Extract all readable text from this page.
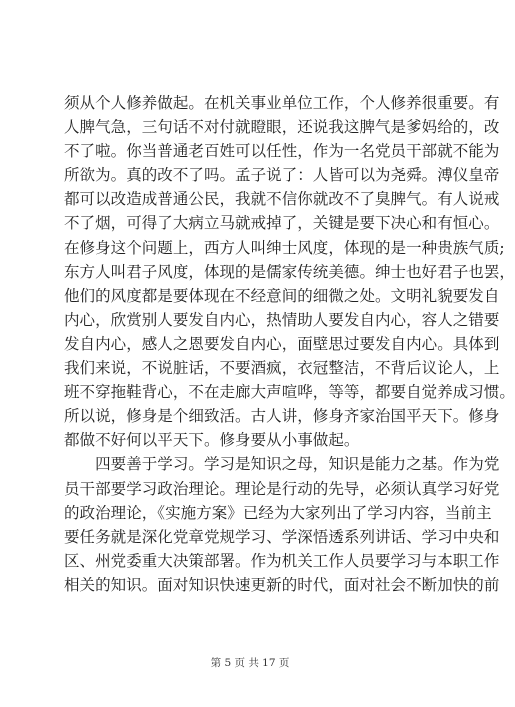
须从个人修养做起。在机关事业单位工作，个人修养很重要。有
人脾气急，三句话不对付就瞪眼，还说我这脾气是爹妈给的，改
不了啦。你当普通老百姓可以任性，作为一名党员干部就不能为
所欲为。真的改不了吗。孟子说了：人皆可以为尧舜。溥仪皇帝
都可以改造成普通公民，我就不信你就改不了臭脾气。有人说戒
不了烟，可得了大病立马就戒掉了，关键是要下决心和有恒心。
在修身这个问题上，西方人叫绅士风度，体现的是一种贵族气质;
东方人叫君子风度，体现的是儒家传统美德。绅士也好君子也罢，
他们的风度都是要体现在不经意间的细微之处。文明礼貌要发自
内心，欣赏别人要发自内心，热情助人要发自内心，容人之错要
发自内心，感人之恩要发自内心，面壁思过要发自内心。具体到
我们来说，不说脏话，不要酒疯，衣冠整洁，不背后议论人，上
班不穿拖鞋背心，不在走廊大声喧哗，等等，都要自觉养成习惯。
所以说，修身是个细致活。古人讲，修身齐家治国平天下。修身
都做不好何以平天下。修身要从小事做起。
　　四要善于学习。学习是知识之母，知识是能力之基。作为党
员干部要学习政治理论。理论是行动的先导，必须认真学习好党
的政治理论，《实施方案》已经为大家列出了学习内容，当前主
要任务就是深化党章党规学习、学深悟透系列讲话、学习中央和
区、州党委重大决策部署。作为机关工作人员要学习与本职工作
相关的知识。面对知识快速更新的时代，面对社会不断加快的前
第 5 页 共 17 页
